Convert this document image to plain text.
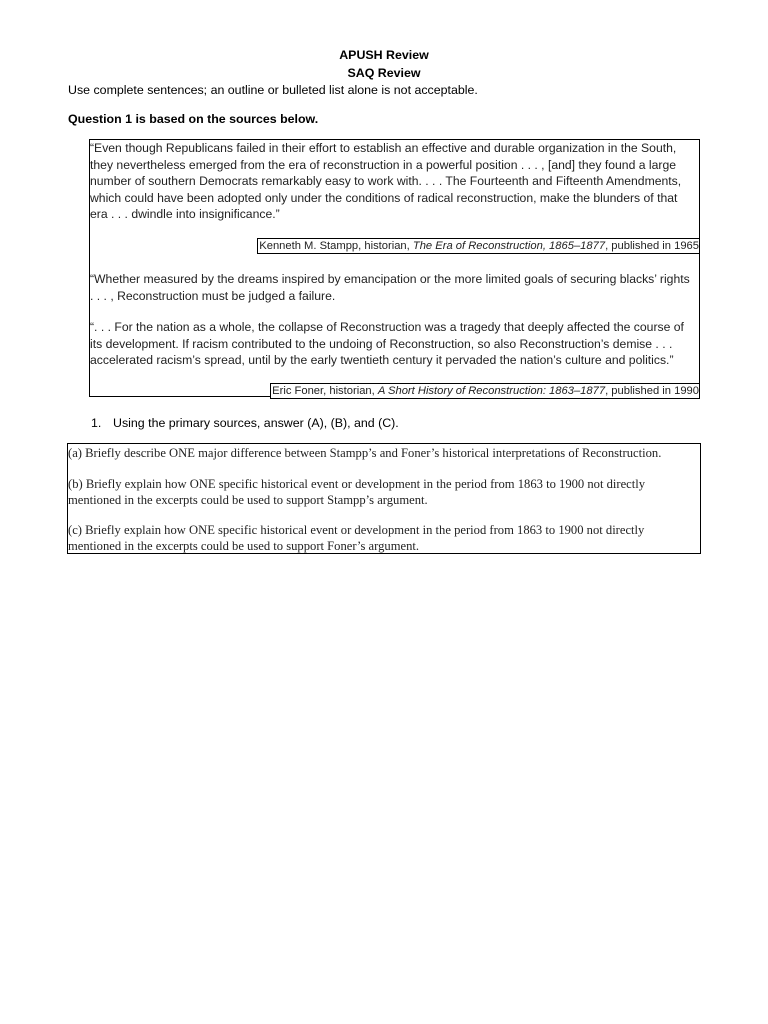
APUSH Review
SAQ Review
Use complete sentences; an outline or bulleted list alone is not acceptable.
Question 1 is based on the sources below.
“Even though Republicans failed in their effort to establish an effective and durable organization in the South, they nevertheless emerged from the era of reconstruction in a powerful position . . . , [and] they found a large number of southern Democrats remarkably easy to work with. . . . The Fourteenth and Fifteenth Amendments, which could have been adopted only under the conditions of radical reconstruction, make the blunders of that era . . . dwindle into insignificance.”
Kenneth M. Stampp, historian, The Era of Reconstruction, 1865–1877, published in 1965
“Whether measured by the dreams inspired by emancipation or the more limited goals of securing blacks’ rights . . . , Reconstruction must be judged a failure.
“. . . For the nation as a whole, the collapse of Reconstruction was a tragedy that deeply affected the course of its development. If racism contributed to the undoing of Reconstruction, so also Reconstruction’s demise . . . accelerated racism’s spread, until by the early twentieth century it pervaded the nation’s culture and politics.”
Eric Foner, historian, A Short History of Reconstruction: 1863–1877, published in 1990
1. Using the primary sources, answer (A), (B), and (C).
(a) Briefly describe ONE major difference between Stampp’s and Foner’s historical interpretations of Reconstruction.
(b) Briefly explain how ONE specific historical event or development in the period from 1863 to 1900 not directly mentioned in the excerpts could be used to support Stampp’s argument.
(c) Briefly explain how ONE specific historical event or development in the period from 1863 to 1900 not directly mentioned in the excerpts could be used to support Foner’s argument.
